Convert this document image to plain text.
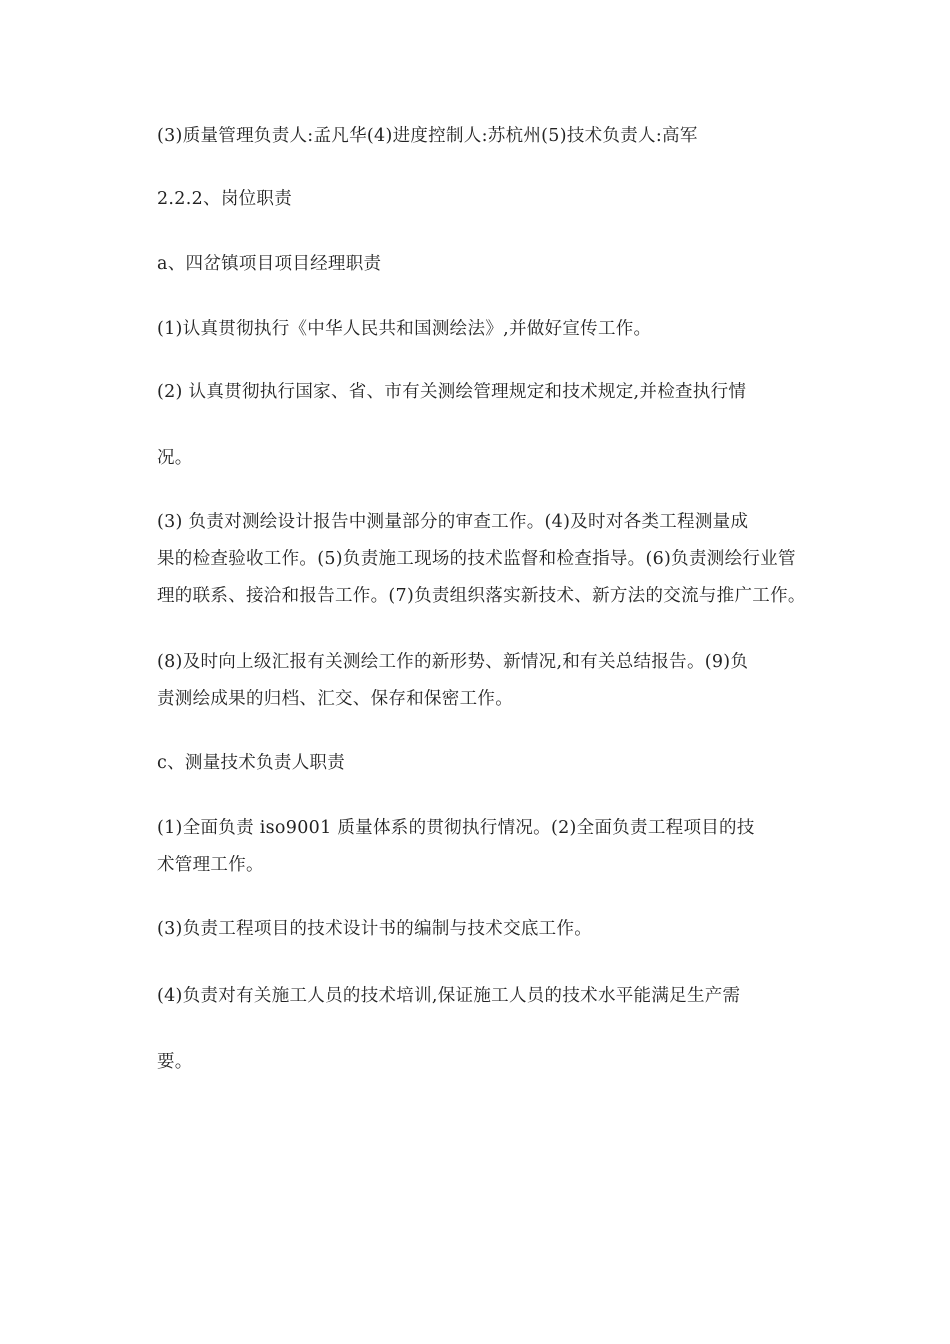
(3)质量管理负责人:孟凡华(4)进度控制人:苏杭州(5)技术负责人:高军
2.2.2、岗位职责
a、四岔镇项目项目经理职责
(1)认真贯彻执行《中华人民共和国测绘法》,并做好宣传工作。
(2) 认真贯彻执行国家、省、市有关测绘管理规定和技术规定,并检查执行情
况。
(3) 负责对测绘设计报告中测量部分的审查工作。(4)及时对各类工程测量成
果的检查验收工作。(5)负责施工现场的技术监督和检查指导。(6)负责测绘行业管
理的联系、接洽和报告工作。(7)负责组织落实新技术、新方法的交流与推广工作。
(8)及时向上级汇报有关测绘工作的新形势、新情况,和有关总结报告。(9)负
责测绘成果的归档、汇交、保存和保密工作。
c、测量技术负责人职责
(1)全面负责 iso9001 质量体系的贯彻执行情况。(2)全面负责工程项目的技
术管理工作。
(3)负责工程项目的技术设计书的编制与技术交底工作。
(4)负责对有关施工人员的技术培训,保证施工人员的技术水平能满足生产需
要。
